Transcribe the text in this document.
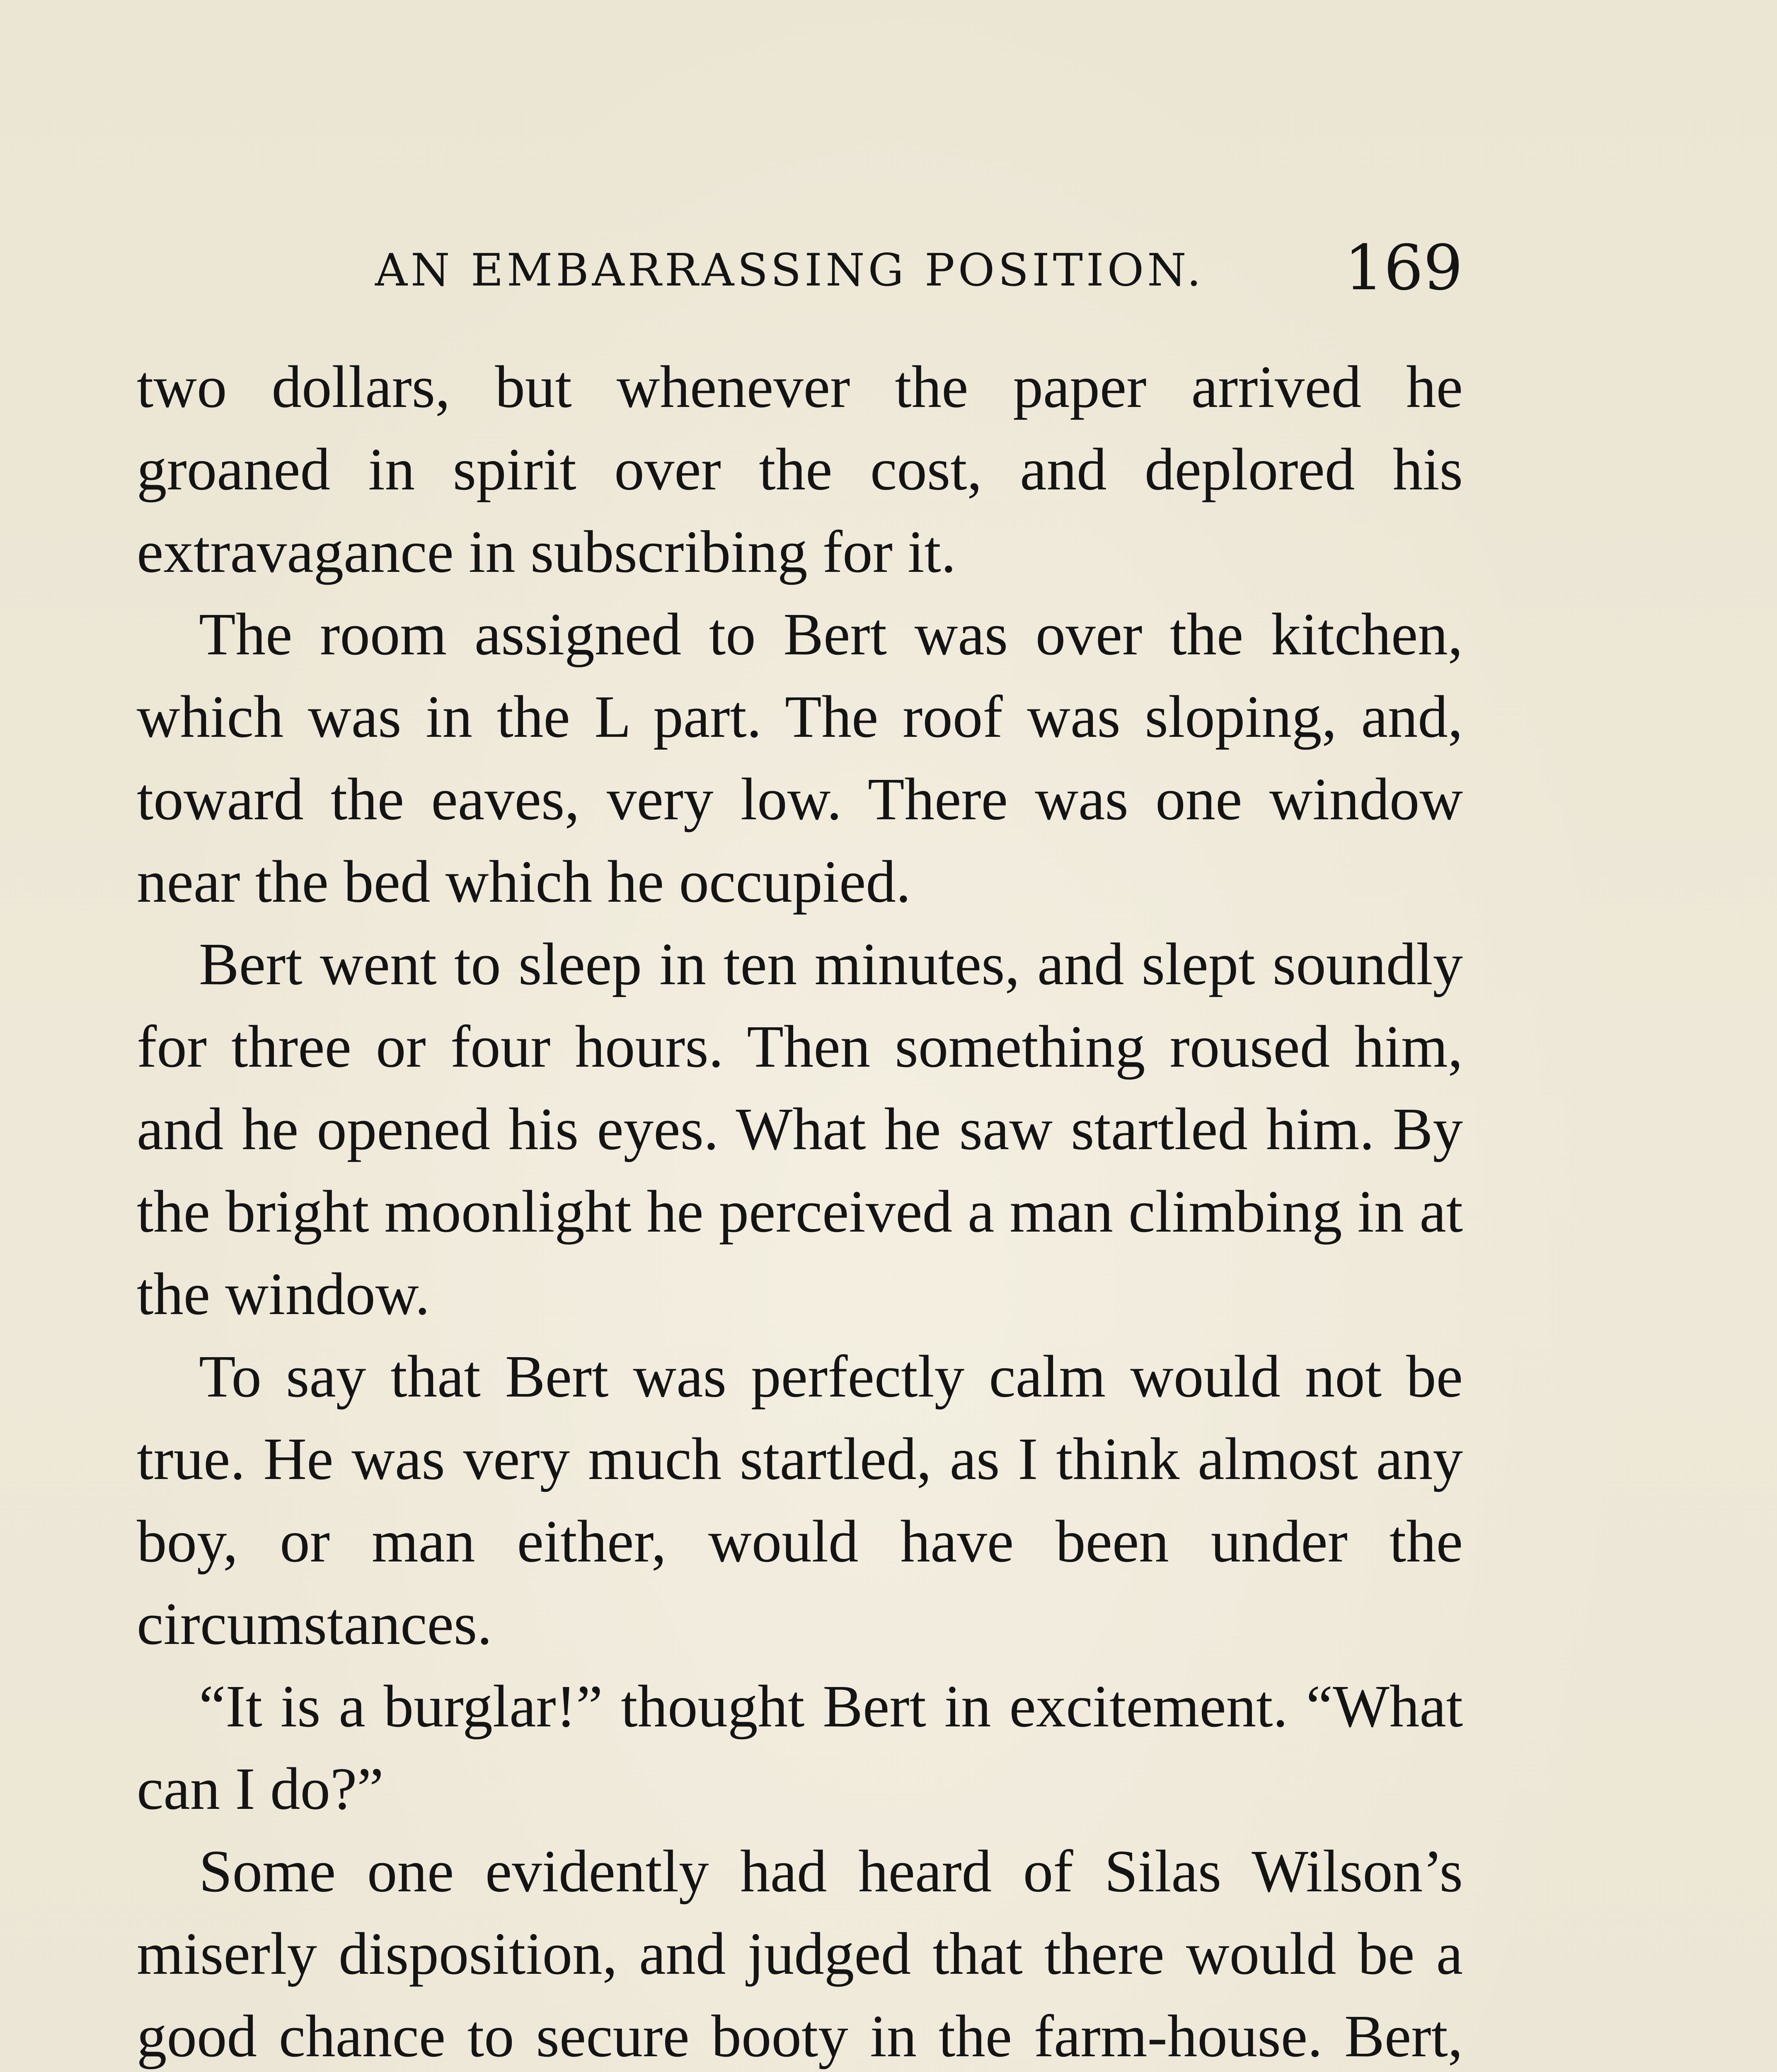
AN EMBARRASSING POSITION. 169

two dollars, but whenever the paper arrived he groaned in spirit over the cost, and deplored his extravagance in subscribing for it.

The room assigned to Bert was over the kitchen, which was in the L part. The roof was sloping, and, toward the eaves, very low. There was one window near the bed which he occupied.

Bert went to sleep in ten minutes, and slept soundly for three or four hours. Then something roused him, and he opened his eyes. What he saw startled him. By the bright moonlight he perceived a man climbing in at the window.

To say that Bert was perfectly calm would not be true. He was very much startled, as I think almost any boy, or man either, would have been under the circumstances.

“It is a burglar!” thought Bert in excitement. “What can I do?”

Some one evidently had heard of Silas Wilson’s miserly disposition, and judged that there would be a good chance to secure booty in the farm-house. Bert,
